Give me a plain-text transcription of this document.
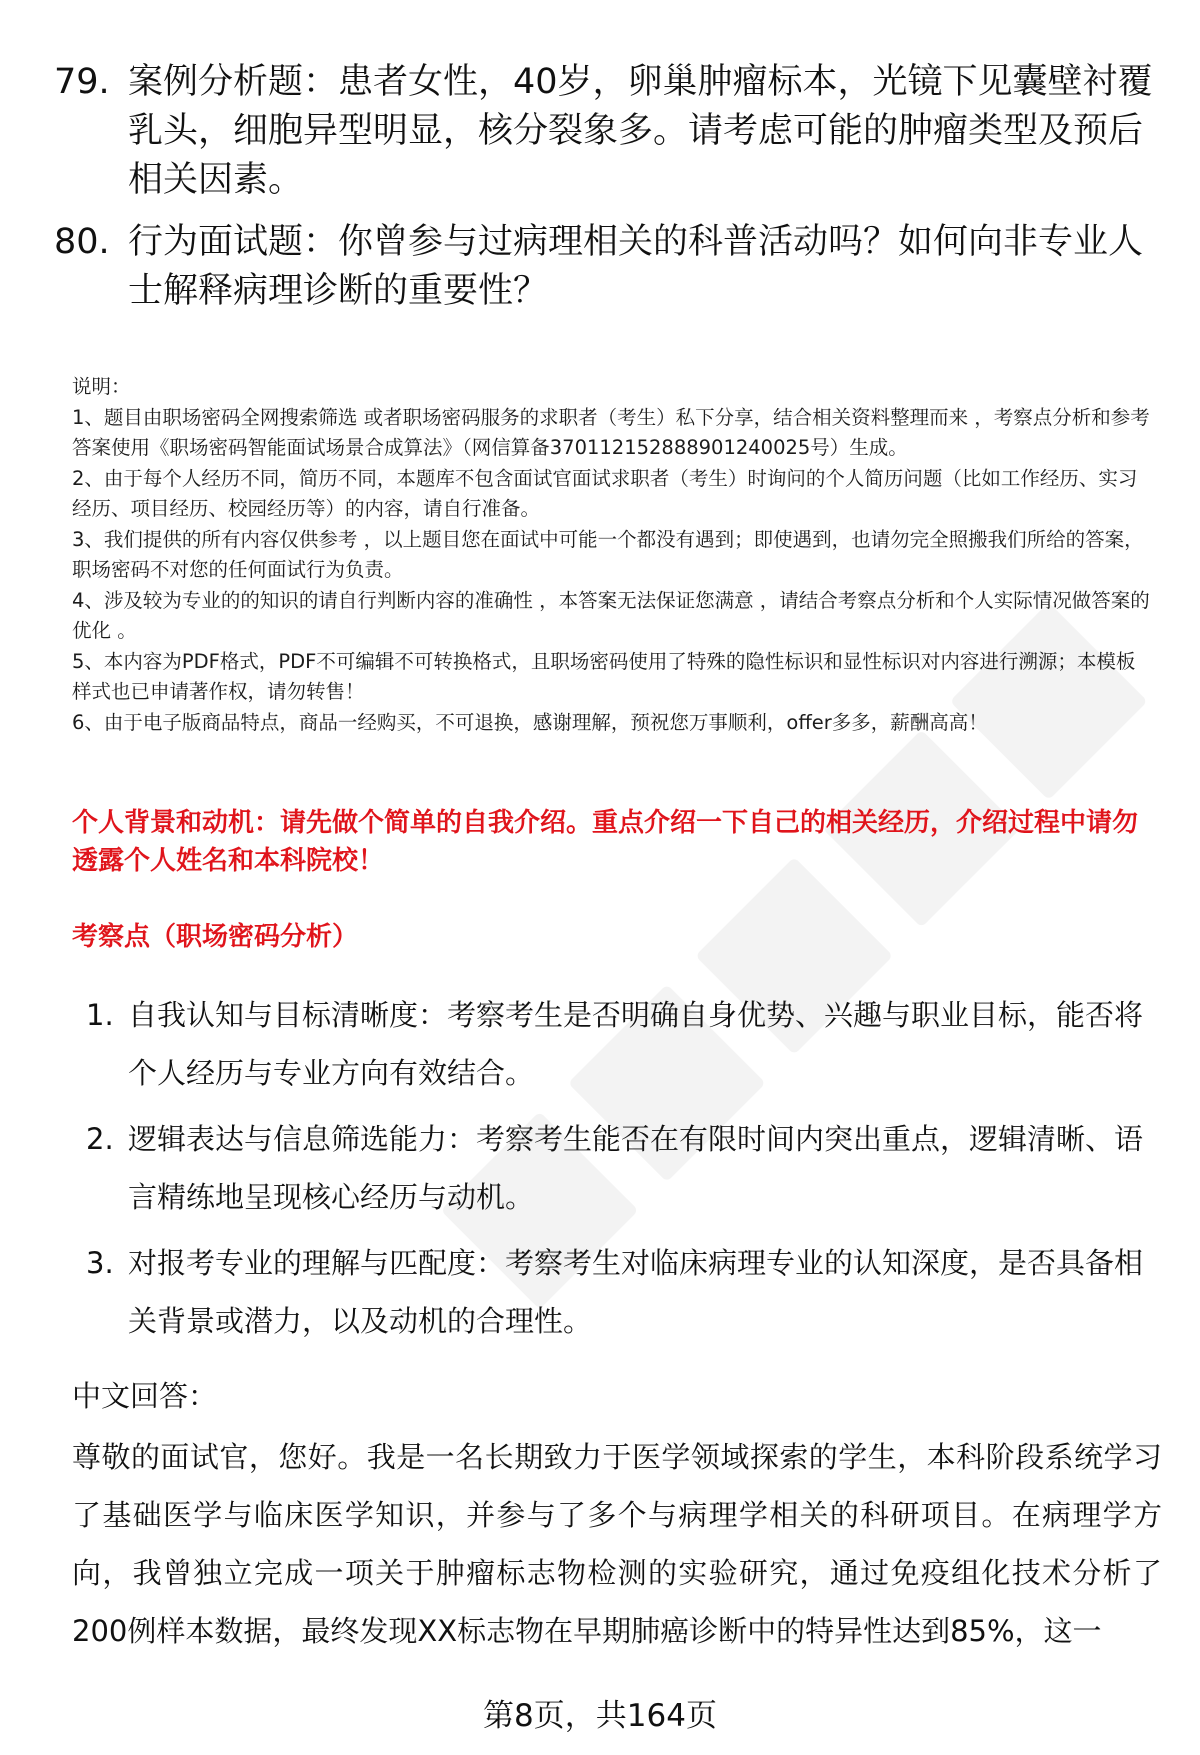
79. 案例分析题：患者女性，40岁，卵巢肿瘤标本，光镜下见囊壁衬覆乳头，细胞异型明显，核分裂象多。请考虑可能的肿瘤类型及预后相关因素。
80. 行为面试题：你曾参与过病理相关的科普活动吗？如何向非专业人士解释病理诊断的重要性？

说明：

1、题目由职场密码全网搜索筛选 或者职场密码服务的求职者（考生）私下分享，结合相关资料整理而来 ，考察点分析和参考答案使用《职场密码智能面试场景合成算法》（网信算备370112152888901240025号）生成。

2、由于每个人经历不同，简历不同，本题库不包含面试官面试求职者（考生）时询问的个人简历问题（比如工作经历、实习经历、项目经历、校园经历等）的内容，请自行准备。

3、我们提供的所有内容仅供参考 ，以上题目您在面试中可能一个都没有遇到；即使遇到，也请勿完全照搬我们所给的答案，职场密码不对您的任何面试行为负责。

4、涉及较为专业的的知识的请自行判断内容的准确性 ，本答案无法保证您满意 ，请结合考察点分析和个人实际情况做答案的优化 。

5、本内容为PDF格式，PDF不可编辑不可转换格式，且职场密码使用了特殊的隐性标识和显性标识对内容进行溯源；本模板样式也已申请著作权，请勿转售！

6、由于电子版商品特点，商品一经购买，不可退换，感谢理解，预祝您万事顺利，offer多多，薪酬高高！

个人背景和动机：请先做个简单的自我介绍。重点介绍一下自己的相关经历，介绍过程中请勿透露个人姓名和本科院校！
考察点（职场密码分析）
1. 自我认知与目标清晰度：考察考生是否明确自身优势、兴趣与职业目标，能否将个人经历与专业方向有效结合。
2. 逻辑表达与信息筛选能力：考察考生能否在有限时间内突出重点，逻辑清晰、语言精练地呈现核心经历与动机。
3. 对报考专业的理解与匹配度：考察考生对临床病理专业的认知深度，是否具备相关背景或潜力，以及动机的合理性。
中文回答：
尊敬的面试官，您好。我是一名长期致力于医学领域探索的学生，本科阶段系统学习了基础医学与临床医学知识，并参与了多个与病理学相关的科研项目。在病理学方向，我曾独立完成一项关于肿瘤标志物检测的实验研究，通过免疫组化技术分析了200例样本数据，最终发现XX标志物在早期肺癌诊断中的特异性达到85%，这一
第8页，共164页
